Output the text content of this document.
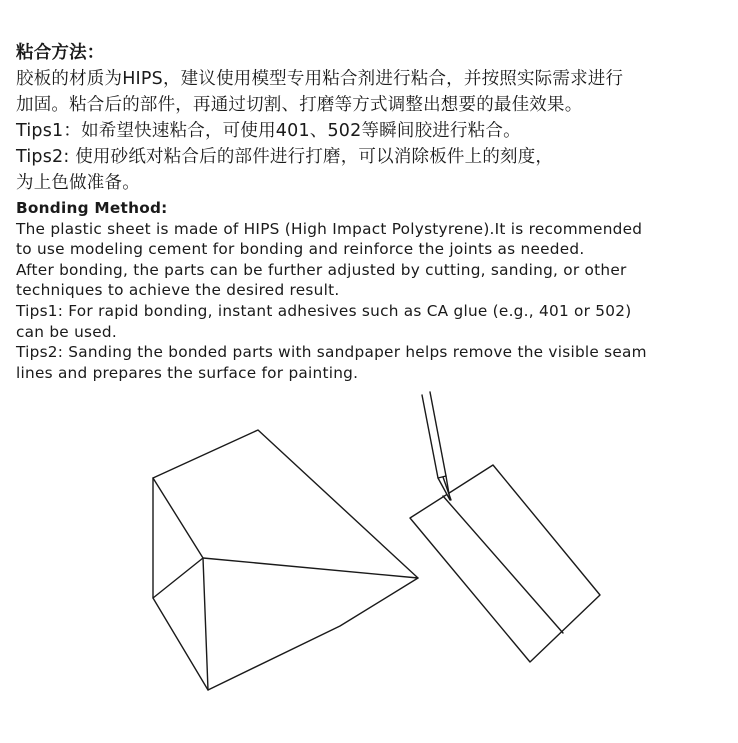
粘合方法：
胶板的材质为HIPS，建议使用模型专用粘合剂进行粘合，并按照实际需求进行
加固。粘合后的部件，再通过切割、打磨等方式调整出想要的最佳效果。
Tips1：如希望快速粘合，可使用401、502等瞬间胶进行粘合。
Tips2: 使用砂纸对粘合后的部件进行打磨，可以消除板件上的刻度，
为上色做准备。
Bonding Method:
The plastic sheet is made of HIPS (High Impact Polystyrene).It is recommended
to use modeling cement for bonding and reinforce the joints as needed.
After bonding, the parts can be further adjusted by cutting, sanding, or other
techniques to achieve the desired result.
Tips1: For rapid bonding, instant adhesives such as CA glue (e.g., 401 or 502)
can be used.
Tips2: Sanding the bonded parts with sandpaper helps remove the visible seam
lines and prepares the surface for painting.
